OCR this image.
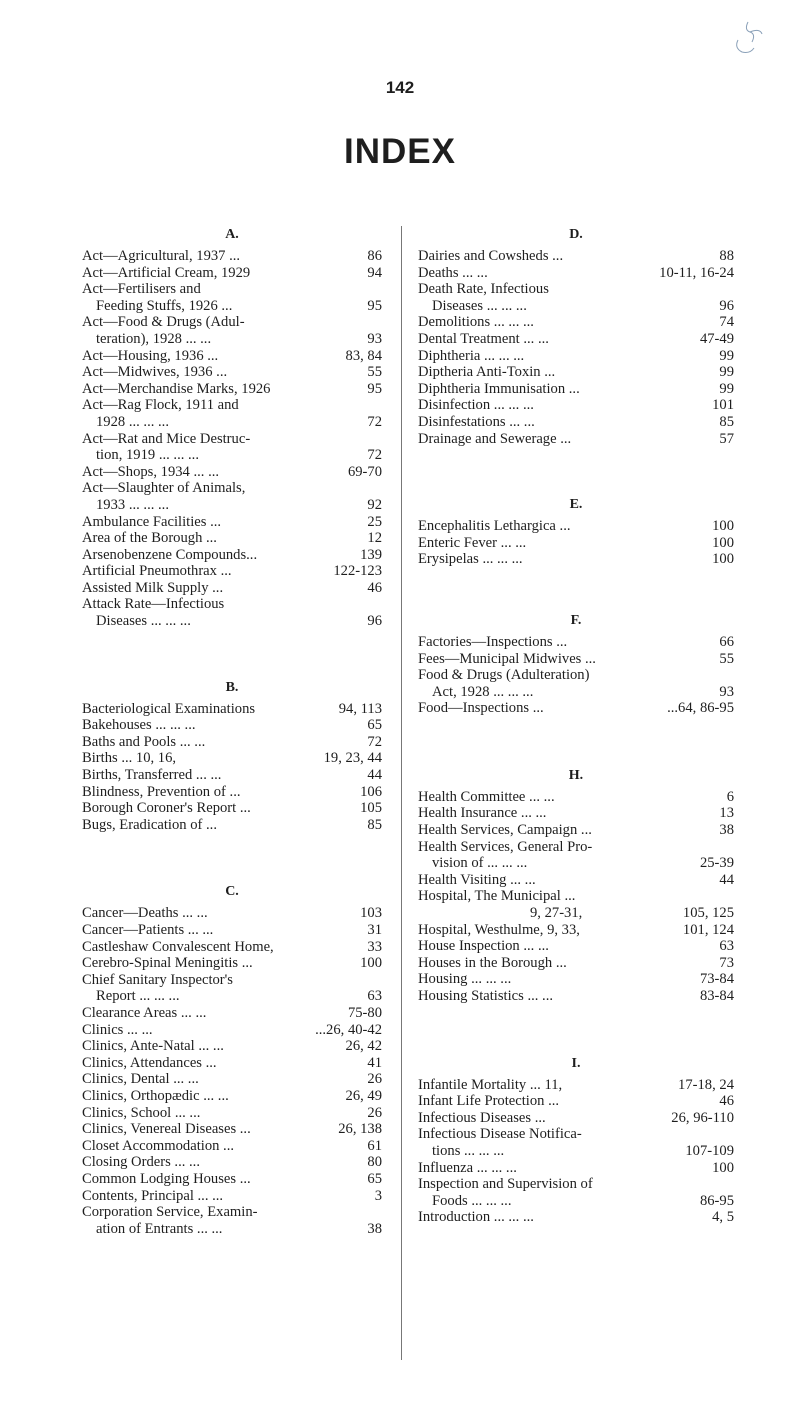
142
INDEX
A.
Act—Agricultural, 1937 ...	86
Act—Artificial Cream, 1929	94
Act—Fertilisers and
Feeding Stuffs, 1926 ...	95
Act—Food & Drugs (Adul-
teration), 1928 ... ...	93
Act—Housing, 1936 ...	83, 84
Act—Midwives, 1936 ...	55
Act—Merchandise Marks, 1926	95
Act—Rag Flock, 1911 and
1928 ... ... ...	72
Act—Rat and Mice Destruc-
tion, 1919 ... ... ...	72
Act—Shops, 1934 ... ...	69-70
Act—Slaughter of Animals,
1933 ... ... ...	92
Ambulance Facilities ...	25
Area of the Borough ...	12
Arsenobenzene Compounds...	139
Artificial Pneumothrax ...	122-123
Assisted Milk Supply ...	46
Attack Rate—Infectious
Diseases ... ... ...	96
B.
Bacteriological Examinations	94, 113
Bakehouses ... ... ...	65
Baths and Pools ... ...	72
Births ... 10, 16,	19, 23, 44
Births, Transferred ... ...	44
Blindness, Prevention of ...	106
Borough Coroner's Report ...	105
Bugs, Eradication of ...	85
C.
Cancer—Deaths ... ...	103
Cancer—Patients ... ...	31
Castleshaw Convalescent Home,	33
Cerebro-Spinal Meningitis ...	100
Chief Sanitary Inspector's
Report ... ... ...	63
Clearance Areas ... ...	75-80
Clinics ... ...	...26, 40-42
Clinics, Ante-Natal ... ...	26, 42
Clinics, Attendances ...	41
Clinics, Dental ... ...	26
Clinics, Orthopædic ... ...	26, 49
Clinics, School ... ...	26
Clinics, Venereal Diseases ...	26, 138
Closet Accommodation ...	61
Closing Orders ... ...	80
Common Lodging Houses ...	65
Contents, Principal ... ...	3
Corporation Service, Examin-
ation of Entrants ... ...	38
D.
Dairies and Cowsheds ...	88
Deaths ... ...	10-11, 16-24
Death Rate, Infectious
Diseases ... ... ...	96
Demolitions ... ... ...	74
Dental Treatment ... ...	47-49
Diphtheria ... ... ...	99
Diptheria Anti-Toxin ...	99
Diphtheria Immunisation ...	99
Disinfection ... ... ...	101
Disinfestations ... ...	85
Drainage and Sewerage ...	57
E.
Encephalitis Lethargica ...	100
Enteric Fever ... ...	100
Erysipelas ... ... ...	100
F.
Factories—Inspections ...	66
Fees—Municipal Midwives ...	55
Food & Drugs (Adulteration)
Act, 1928 ... ... ...	93
Food—Inspections ...	...64, 86-95
H.
Health Committee ... ...	6
Health Insurance ... ...	13
Health Services, Campaign ...	38
Health Services, General Pro-
vision of ... ... ...	25-39
Health Visiting ... ...	44
Hospital, The Municipal ...
9, 27-31,	105, 125
Hospital, Westhulme, 9, 33,	101, 124
House Inspection ... ...	63
Houses in the Borough ...	73
Housing ... ... ...	73-84
Housing Statistics ... ...	83-84
I.
Infantile Mortality ... 11,	17-18, 24
Infant Life Protection ...	46
Infectious Diseases ...	26, 96-110
Infectious Disease Notifica-
tions ... ... ...	107-109
Influenza ... ... ...	100
Inspection and Supervision of
Foods ... ... ...	86-95
Introduction ... ... ...	4, 5
